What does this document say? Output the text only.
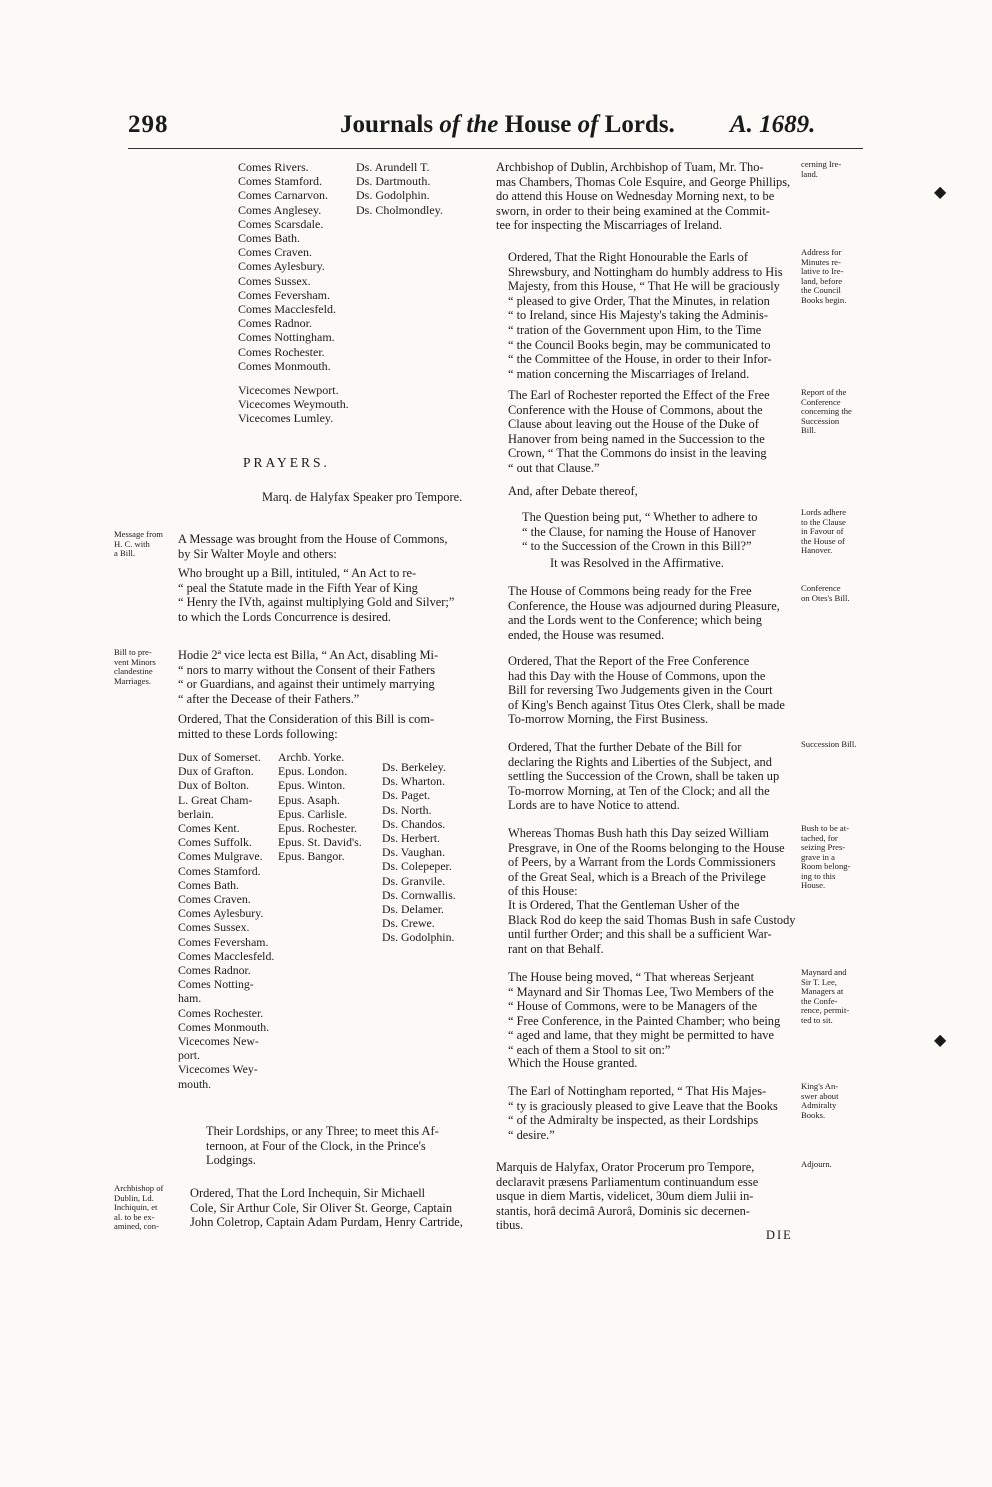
298	Journals of the House of Lords. A. 1689.
Comes Rivers.
Comes Stamford.
Comes Carnarvon.
Comes Anglesey.
Comes Scarsdale.
Comes Bath.
Comes Craven.
Comes Aylesbury.
Comes Sussex.
Comes Feversham.
Comes Macclesfeld.
Comes Radnor.
Comes Nottingham.
Comes Rochester.
Comes Monmouth.
Vicecomes Newport.
Vicecomes Weymouth.
Vicecomes Lumley.
Ds. Arundell T.
Ds. Dartmouth.
Ds. Godolphin.
Ds. Cholmondley.
PRAYERS.
Marq. de Halyfax Speaker pro Tempore.
Message from
H. C. with
a Bill.
A Message was brought from the House of Commons,
by Sir Walter Moyle and others:
Who brought up a Bill, intituled, “ An Act to re-
“ peal the Statute made in the Fifth Year of King
“ Henry the IVth, against multiplying Gold and Silver;”
to which the Lords Concurrence is desired.
Bill to pre-
vent Minors
clandestine
Marriages.
Hodie 2ª vice lecta est Billa, “ An Act, disabling Mi-
“ nors to marry without the Consent of their Fathers
“ or Guardians, and against their untimely marrying
“ after the Decease of their Fathers.”
Ordered, That the Consideration of this Bill is com-
mitted to these Lords following:
Dux of Somerset.
Dux of Grafton.
Dux of Bolton.
L. Great Cham-
berlain.
Comes Kent.
Comes Suffolk.
Comes Mulgrave.
Comes Stamford.
Comes Bath.
Comes Craven.
Comes Aylesbury.
Comes Sussex.
Comes Feversham.
Comes Macclesfeld.
Comes Radnor.
Comes Notting-
ham.
Comes Rochester.
Comes Monmouth.
Vicecomes New-
port.
Vicecomes Wey-
mouth.
Archb. Yorke.
Epus. London.
Epus. Winton.
Epus. Asaph.
Epus. Carlisle.
Epus. Rochester.
Epus. St. David's.
Epus. Bangor.
Ds. Berkeley.
Ds. Wharton.
Ds. Paget.
Ds. North.
Ds. Chandos.
Ds. Herbert.
Ds. Vaughan.
Ds. Colepeper.
Ds. Granvile.
Ds. Cornwallis.
Ds. Delamer.
Ds. Crewe.
Ds. Godolphin.
Their Lordships, or any Three; to meet this Af-
ternoon, at Four of the Clock, in the Prince's
Lodgings.
Archbishop of
Dublin, Ld.
Inchiquin, et
al. to be ex-
amined, con-
Ordered, That the Lord Inchequin, Sir Michaell
Cole, Sir Arthur Cole, Sir Oliver St. George, Captain
John Coletrop, Captain Adam Purdam, Henry Cartride,
cerning Ire-
land.
Archbishop of Dublin, Archbishop of Tuam, Mr. Tho-
mas Chambers, Thomas Cole Esquire, and George Phillips,
do attend this House on Wednesday Morning next, to be
sworn, in order to their being examined at the Commit-
tee for inspecting the Miscarriages of Ireland.
Address for
Minutes re-
lative to Ire-
land, before
the Council
Books begin.
Ordered, That the Right Honourable the Earls of
Shrewsbury, and Nottingham do humbly address to His
Majesty, from this House, “ That He will be graciously
“ pleased to give Order, That the Minutes, in relation
“ to Ireland, since His Majesty's taking the Adminis-
“ tration of the Government upon Him, to the Time
“ the Council Books begin, may be communicated to
“ the Committee of the House, in order to their Infor-
“ mation concerning the Miscarriages of Ireland.
Report of the
Conference
concerning the
Succession
Bill.
The Earl of Rochester reported the Effect of the Free
Conference with the House of Commons, about the
Clause about leaving out the House of the Duke of
Hanover from being named in the Succession to the
Crown, “ That the Commons do insist in the leaving
“ out that Clause.”
And, after Debate thereof,
Lords adhere
to the Clause
in Favour of
the House of
Hanover.
The Question being put, “ Whether to adhere to
“ the Clause, for naming the House of Hanover
“ to the Succession of the Crown in this Bill?”
It was Resolved in the Affirmative.
Conference
on Otes's Bill.
The House of Commons being ready for the Free
Conference, the House was adjourned during Pleasure,
and the Lords went to the Conference; which being
ended, the House was resumed.
Ordered, That the Report of the Free Conference
had this Day with the House of Commons, upon the
Bill for reversing Two Judgements given in the Court
of King's Bench against Titus Otes Clerk, shall be made
To-morrow Morning, the First Business.
Succession Bill.
Ordered, That the further Debate of the Bill for
declaring the Rights and Liberties of the Subject, and
settling the Succession of the Crown, shall be taken up
To-morrow Morning, at Ten of the Clock; and all the
Lords are to have Notice to attend.
Bush to be at-
tached, for
seizing Pres-
grave in a
Room belong-
ing to this
House.
Whereas Thomas Bush hath this Day seized William
Presgrave, in One of the Rooms belonging to the House
of Peers, by a Warrant from the Lords Commissioners
of the Great Seal, which is a Breach of the Privilege
of this House:
It is Ordered, That the Gentleman Usher of the
Black Rod do keep the said Thomas Bush in safe Custody
until further Order; and this shall be a sufficient War-
rant on that Behalf.
Maynard and
Sir T. Lee,
Managers at
the Confe-
rence, permit-
ted to sit.
The House being moved, “ That whereas Serjeant
“ Maynard and Sir Thomas Lee, Two Members of the
“ House of Commons, were to be Managers of the
“ Free Conference, in the Painted Chamber; who being
“ aged and lame, that they might be permitted to have
“ each of them a Stool to sit on:”
Which the House granted.
King's An-
swer about
Admiralty
Books.
The Earl of Nottingham reported, “ That His Majes-
“ ty is graciously pleased to give Leave that the Books
“ of the Admiralty be inspected, as their Lordships
“ desire.”
Adjourn.
Marquis de Halyfax, Orator Procerum pro Tempore,
declaravit præsens Parliamentum continuandum esse
usque in diem Martis, videlicet, 30um diem Julii in-
stantis, horâ decimâ Aurorâ, Dominis sic decernen-
tibus.
DIE
◆
◆
